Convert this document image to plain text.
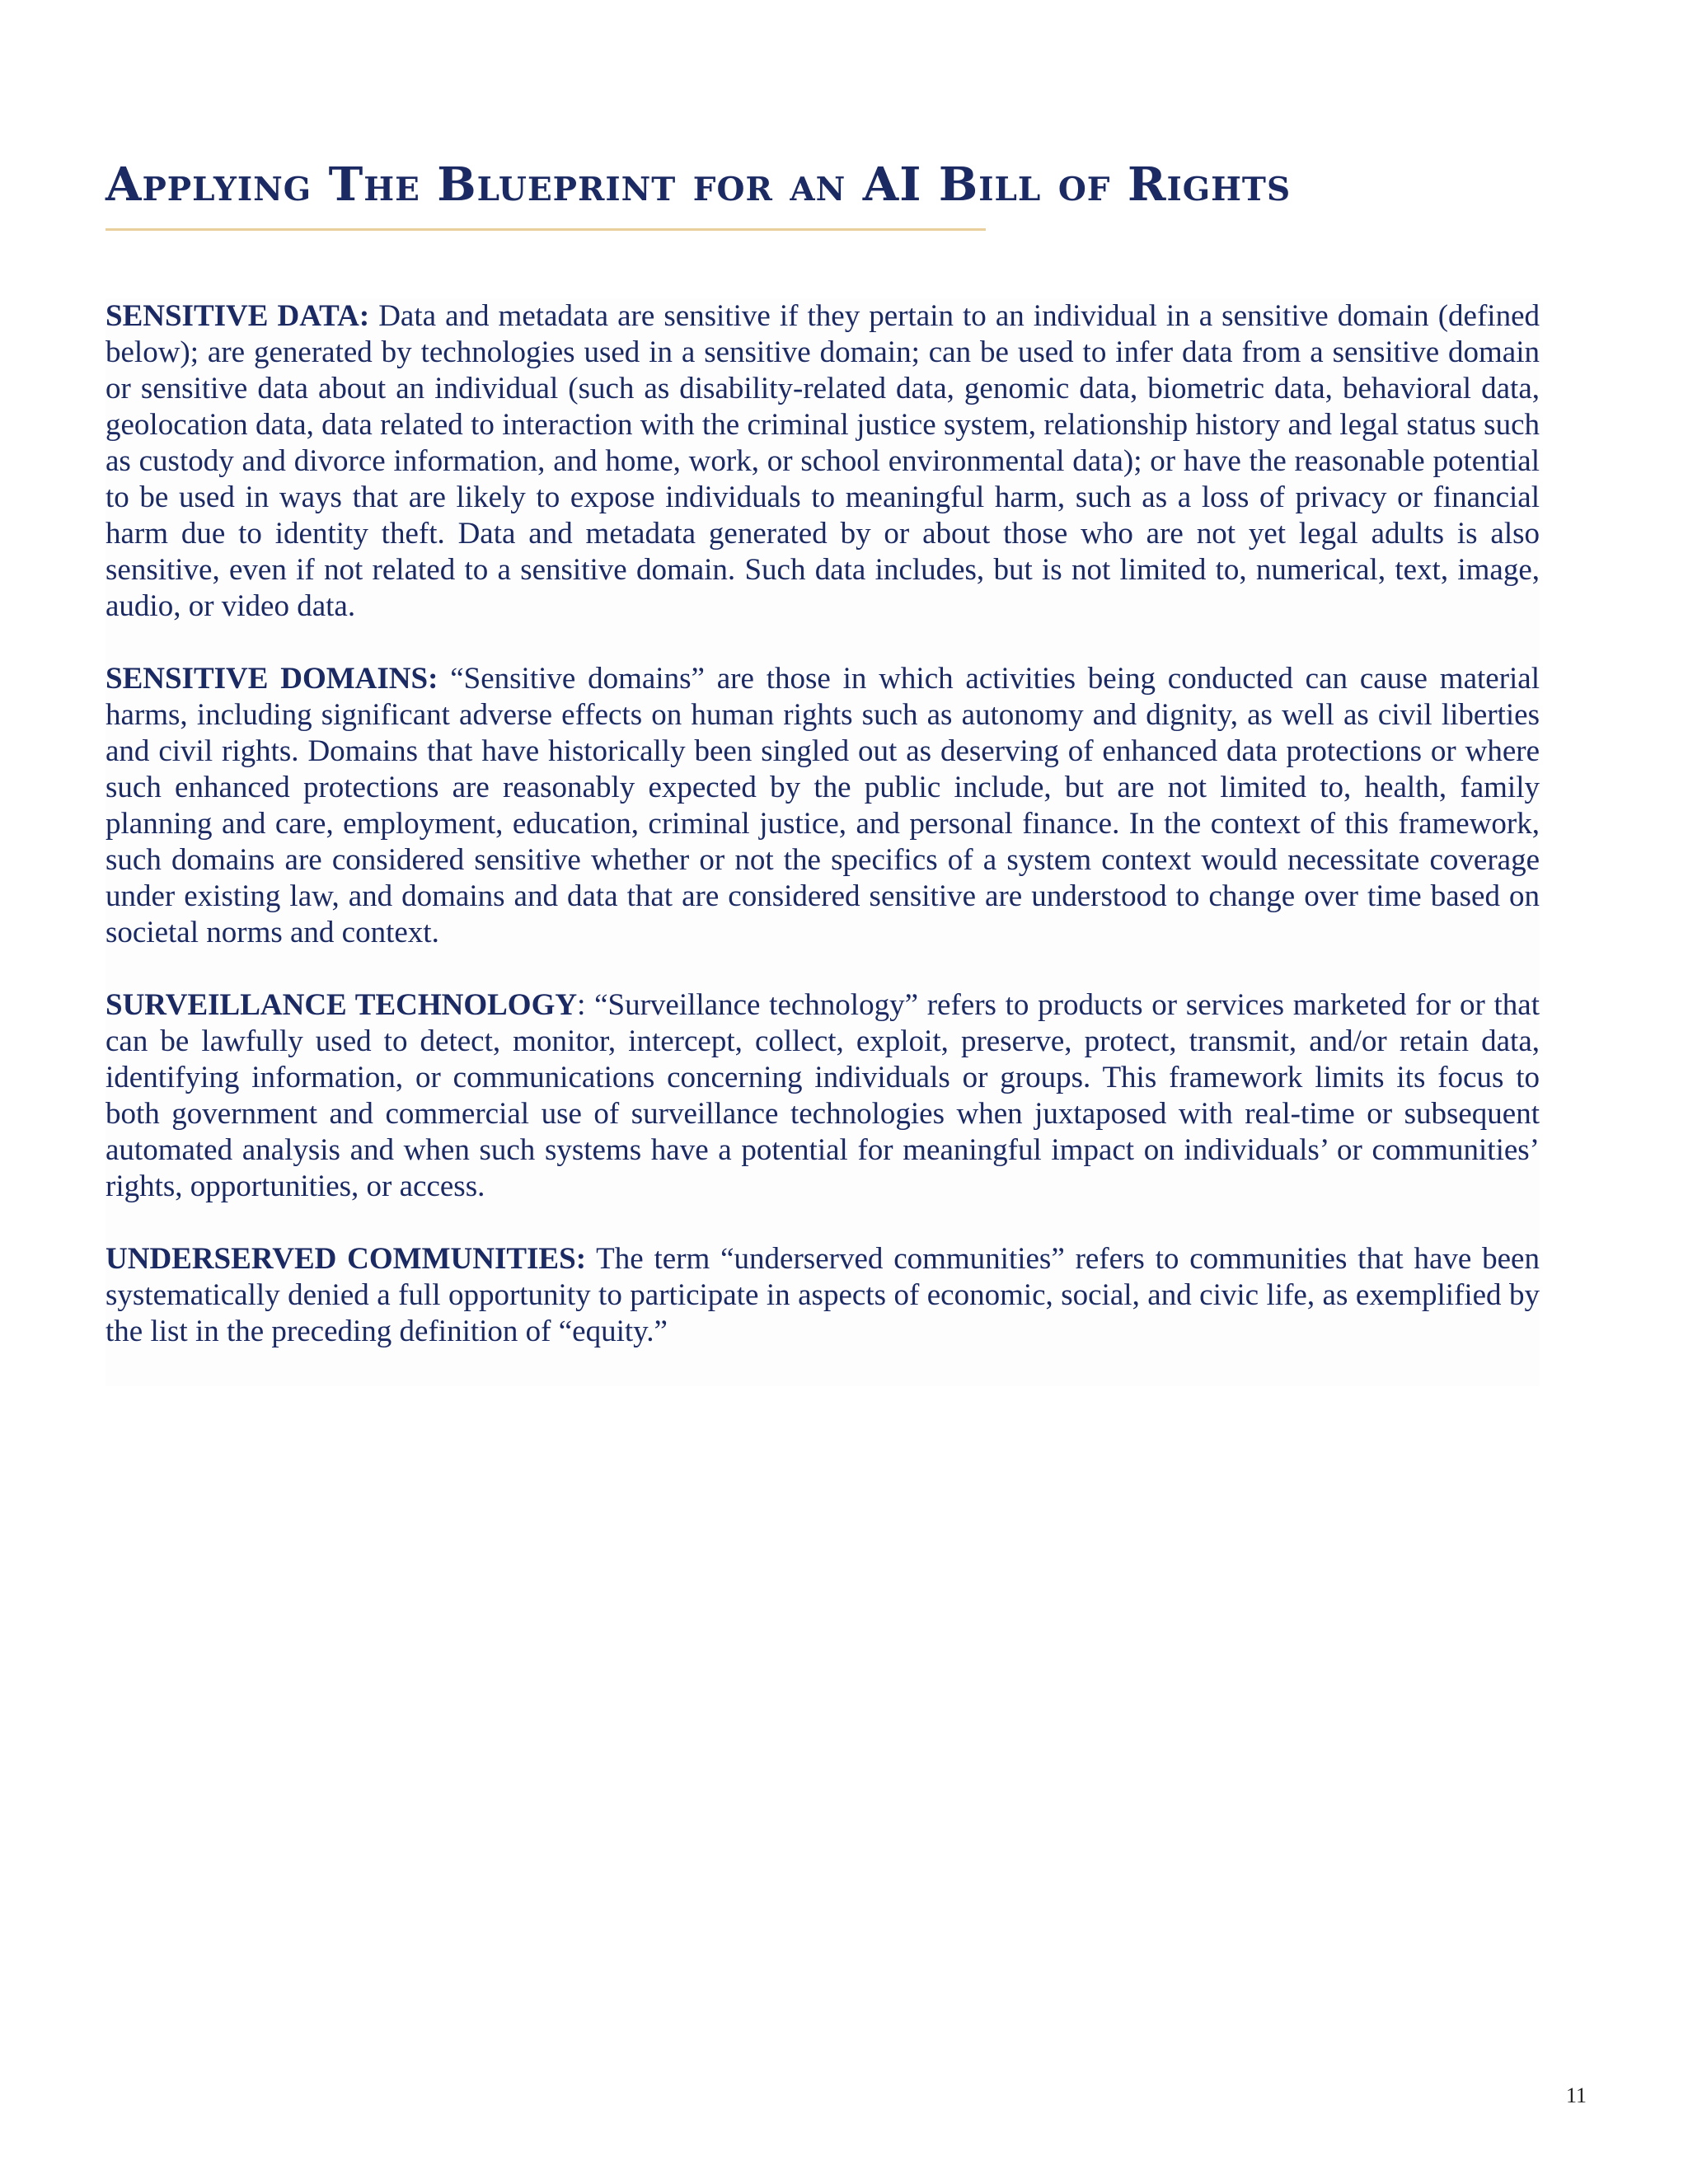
Applying The Blueprint for an AI Bill of Rights

SENSITIVE DATA: Data and metadata are sensitive if they pertain to an individual in a sensitive domain (defined below); are generated by technologies used in a sensitive domain; can be used to infer data from a sensitive domain or sensitive data about an individual (such as disability-related data, genomic data, biometric data, behavioral data, geolocation data, data related to interaction with the criminal justice system, relationship history and legal status such as custody and divorce information, and home, work, or school environmental data); or have the reasonable potential to be used in ways that are likely to expose individuals to meaningful harm, such as a loss of privacy or financial harm due to identity theft. Data and metadata generated by or about those who are not yet legal adults is also sensitive, even if not related to a sensitive domain. Such data includes, but is not limited to, numerical, text, image, audio, or video data.

SENSITIVE DOMAINS: “Sensitive domains” are those in which activities being conducted can cause material harms, including significant adverse effects on human rights such as autonomy and dignity, as well as civil liberties and civil rights. Domains that have historically been singled out as deserving of enhanced data protections or where such enhanced protections are reasonably expected by the public include, but are not limited to, health, family planning and care, employment, education, criminal justice, and personal finance. In the context of this framework, such domains are considered sensitive whether or not the specifics of a system context would necessitate coverage under existing law, and domains and data that are considered sensitive are understood to change over time based on societal norms and context.

SURVEILLANCE TECHNOLOGY: “Surveillance technology” refers to products or services marketed for or that can be lawfully used to detect, monitor, intercept, collect, exploit, preserve, protect, transmit, and/or retain data, identifying information, or communications concerning individuals or groups. This framework limits its focus to both government and commercial use of surveillance technologies when juxtaposed with real-time or subsequent automated analysis and when such systems have a potential for meaningful impact on individuals’ or communities’ rights, opportunities, or access.

UNDERSERVED COMMUNITIES: The term “underserved communities” refers to communities that have been systematically denied a full opportunity to participate in aspects of economic, social, and civic life, as exemplified by the list in the preceding definition of “equity.”

11
